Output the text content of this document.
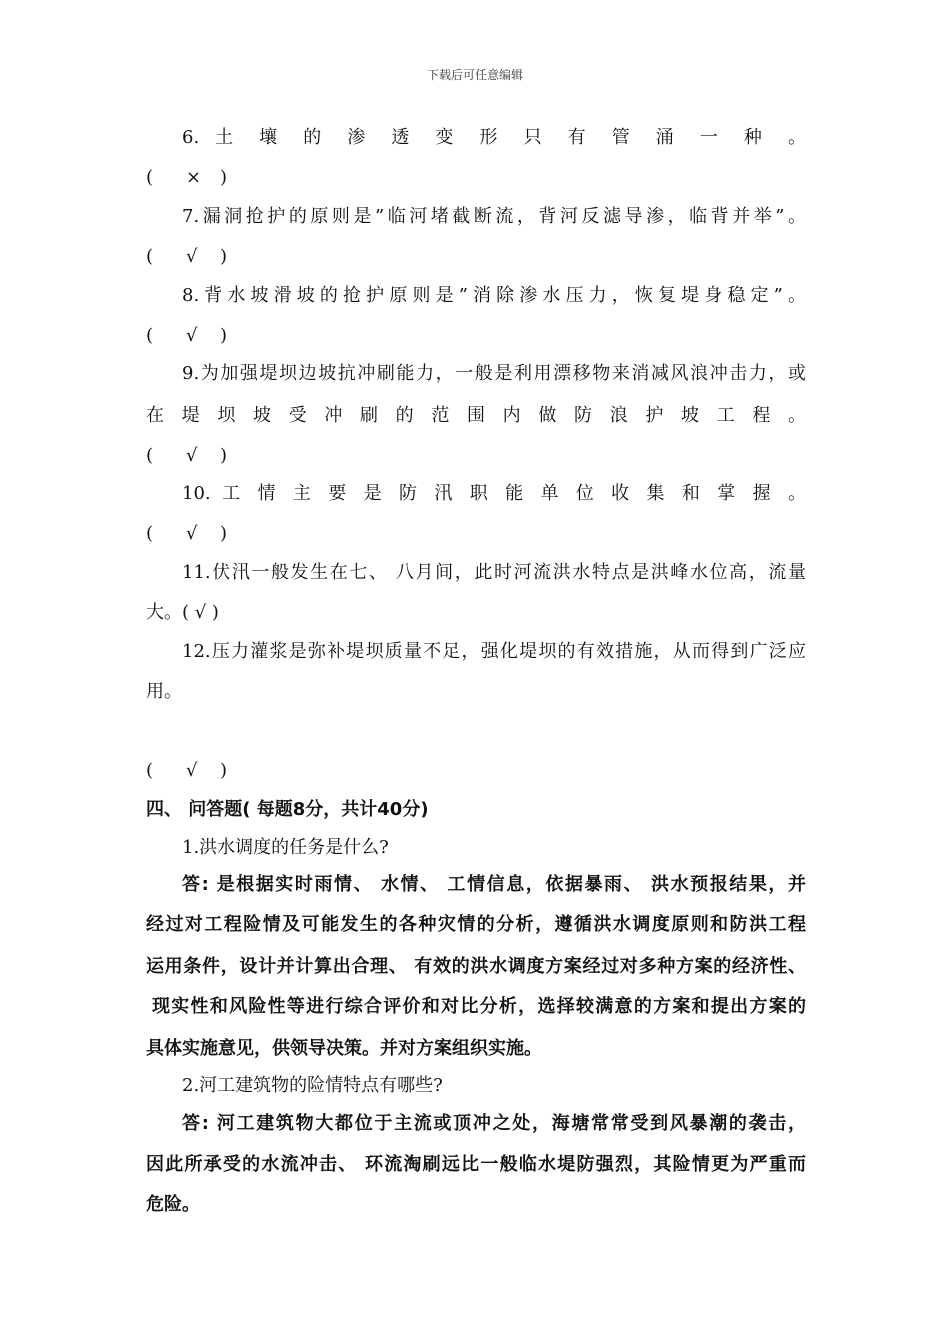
下载后可任意编辑
6. 土 壤 的 渗 透 变 形 只 有 管 涌 一 种 。
( × )
7.漏洞抢护的原则是”临河堵截断流，背河反滤导渗，临背并举”。
( √ )
8.背水坡滑坡的抢护原则是”消除渗水压力，恢复堤身稳定”。
( √ )
9.为加强堤坝边坡抗冲刷能力，一般是利用漂移物来消减风浪冲击力，或
在 堤 坝 坡 受 冲 刷 的 范 围 内 做 防 浪 护 坡 工 程 。
( √ )
10. 工 情 主 要 是 防 汛 职 能 单 位 收 集 和 掌 握 。
( √ )
11.伏汛一般发生在七、 八月间，此时河流洪水特点是洪峰水位高，流量
大。( √ )
12.压力灌浆是弥补堤坝质量不足，强化堤坝的有效措施，从而得到广泛应
用。
( √ )
四、 问答题( 每题8分，共计40分)
1.洪水调度的任务是什么?
答: 是根据实时雨情、 水情、 工情信息，依据暴雨、 洪水预报结果，并
经过对工程险情及可能发生的各种灾情的分析，遵循洪水调度原则和防洪工程
运用条件，设计并计算出合理、 有效的洪水调度方案经过对多种方案的经济性、
现实性和风险性等进行综合评价和对比分析，选择较满意的方案和提出方案的
具体实施意见，供领导决策。并对方案组织实施。
2.河工建筑物的险情特点有哪些?
答: 河工建筑物大都位于主流或顶冲之处，海塘常常受到风暴潮的袭击，
因此所承受的水流冲击、 环流淘刷远比一般临水堤防强烈，其险情更为严重而
危险。
